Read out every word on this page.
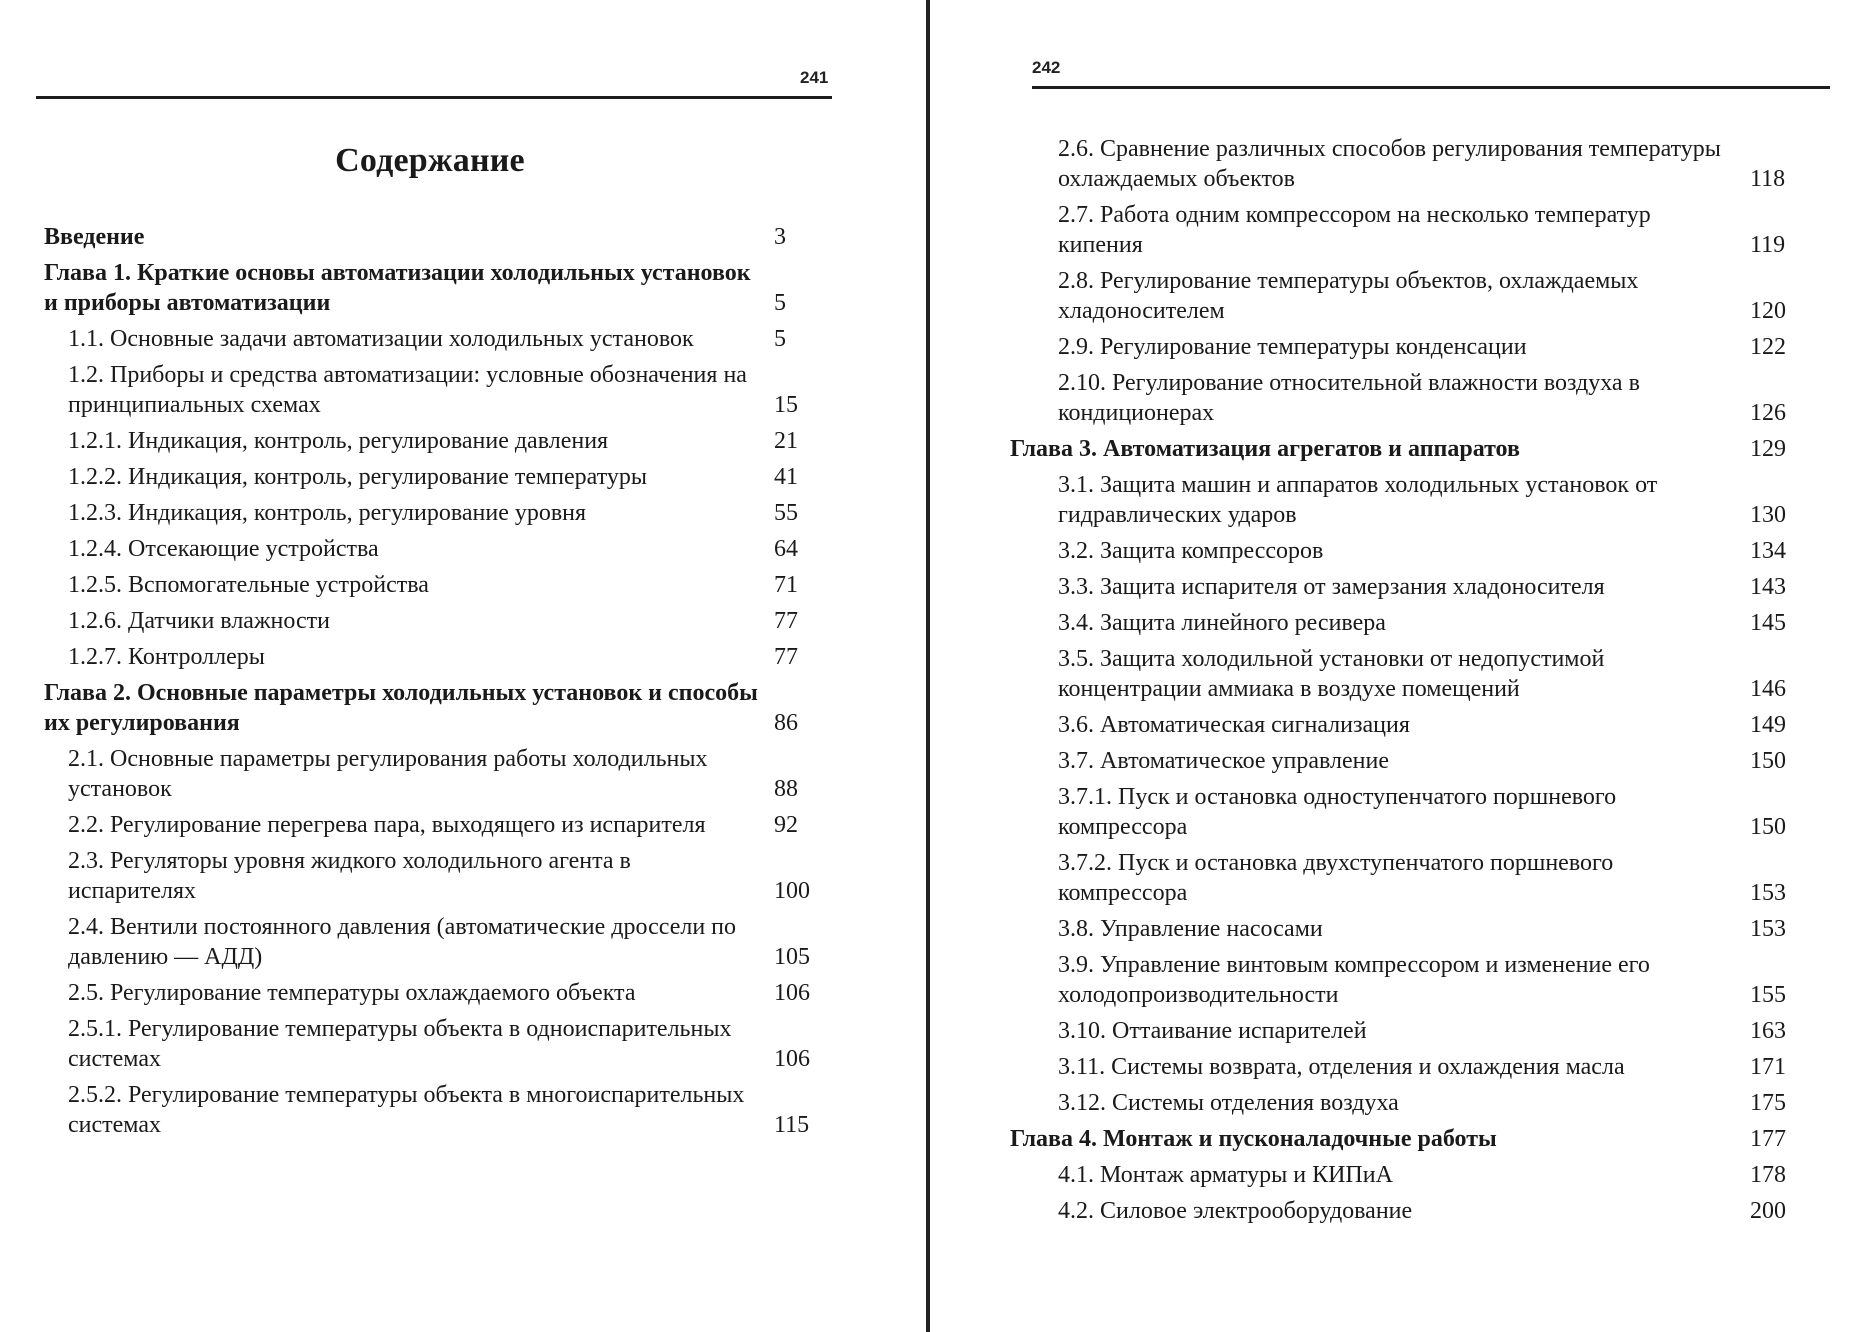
241
Содержание
Введение	3
Глава 1. Краткие основы автоматизации холодильных установок и приборы автоматизации	5
1.1. Основные задачи автоматизации холодильных установок	5
1.2. Приборы и средства автоматизации: условные обозначения на принципиальных схемах	15
1.2.1. Индикация, контроль, регулирование давления	21
1.2.2. Индикация, контроль, регулирование температуры	41
1.2.3. Индикация, контроль, регулирование уровня	55
1.2.4. Отсекающие устройства	64
1.2.5. Вспомогательные устройства	71
1.2.6. Датчики влажности	77
1.2.7. Контроллеры	77
Глава 2. Основные параметры холодильных установок и способы их регулирования	86
2.1. Основные параметры регулирования работы холодильных установок	88
2.2. Регулирование перегрева пара, выходящего из испарителя	92
2.3. Регуляторы уровня жидкого холодильного агента в испарителях	100
2.4. Вентили постоянного давления (автоматические дроссели по давлению — АДД)	105
2.5. Регулирование температуры охлаждаемого объекта	106
2.5.1. Регулирование температуры объекта в одноиспарительных системах	106
2.5.2. Регулирование температуры объекта в многоиспарительных системах	115
242
2.6. Сравнение различных способов регулирования температуры охлаждаемых объектов	118
2.7. Работа одним компрессором на несколько температур кипения	119
2.8. Регулирование температуры объектов, охлаждаемых хладоносителем	120
2.9. Регулирование температуры конденсации	122
2.10. Регулирование относительной влажности воздуха в кондиционерах	126
Глава 3. Автоматизация агрегатов и аппаратов	129
3.1. Защита машин и аппаратов холодильных установок от гидравлических ударов	130
3.2. Защита компрессоров	134
3.3. Защита испарителя от замерзания хладоносителя	143
3.4. Защита линейного ресивера	145
3.5. Защита холодильной установки от недопустимой концентрации аммиака в воздухе помещений	146
3.6. Автоматическая сигнализация	149
3.7. Автоматическое управление	150
3.7.1. Пуск и остановка одноступенчатого поршневого компрессора	150
3.7.2. Пуск и остановка двухступенчатого поршневого компрессора	153
3.8. Управление насосами	153
3.9. Управление винтовым компрессором и изменение его холодопроизводительности	155
3.10. Оттаивание испарителей	163
3.11. Системы возврата, отделения и охлаждения масла	171
3.12. Системы отделения воздуха	175
Глава 4. Монтаж и пусконаладочные работы	177
4.1. Монтаж арматуры и КИПиА	178
4.2. Силовое электрооборудование	200
